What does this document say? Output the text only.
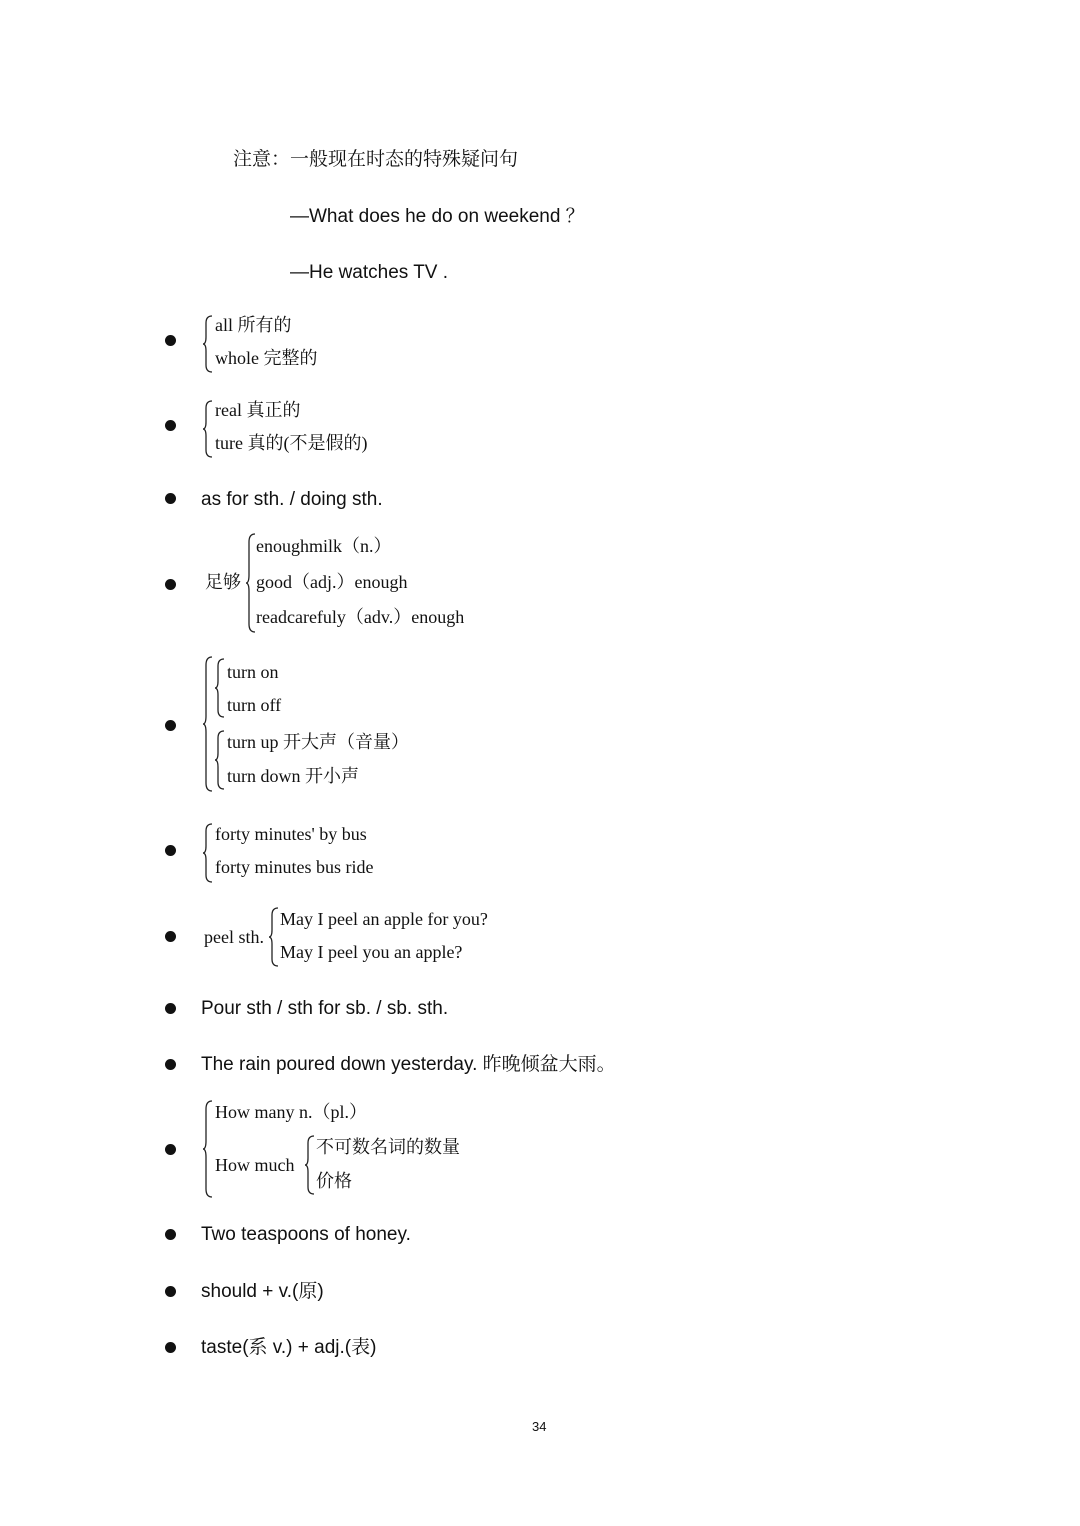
注意：一般现在时态的特殊疑问句
—What does he do on weekend ？
—He watches TV .
all 所有的
whole 完整的
real 真正的
ture 真的(不是假的)
as for sth. / doing sth.
足够
enoughmilk（n.）
good（adj.）enough
readcarefuly（adv.）enough
turn on
turn off
turn up 开大声（音量）
turn down 开小声
forty minutes' by bus
forty minutes bus ride
peel sth.
May I peel an apple for you?
May I peel you an apple?
Pour sth / sth for sb. / sb. sth.
The rain poured down yesterday. 昨晚倾盆大雨。
How many n.（pl.）
How much
不可数名词的数量
价格
Two teaspoons of honey.
should + v.(原)
taste(系 v.) + adj.(表)
34
